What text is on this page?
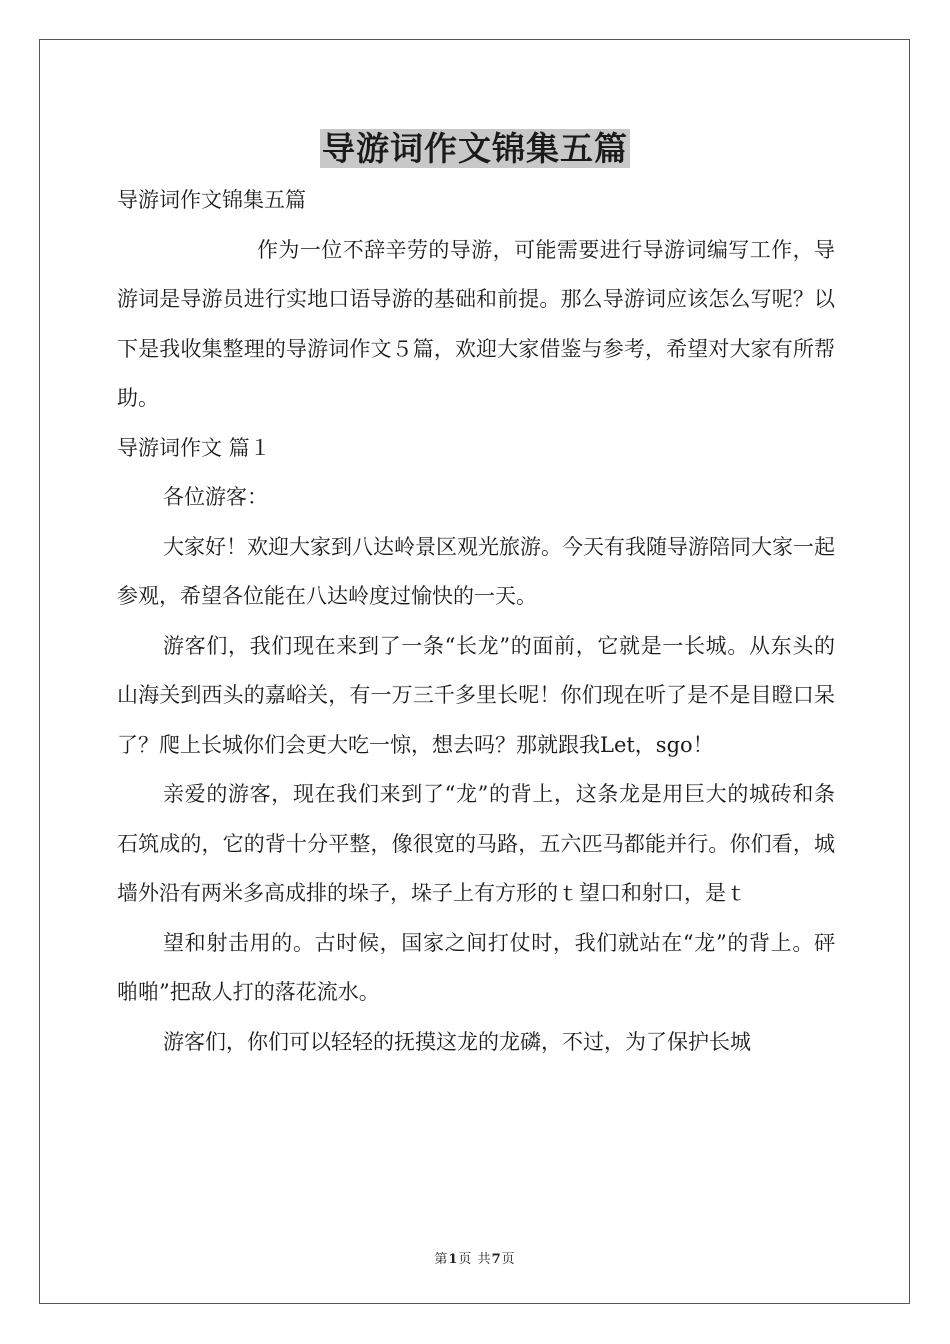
导游词作文锦集五篇

导游词作文锦集五篇

作为一位不辞辛劳的导游，可能需要进行导游词编写工作，导游词是导游员进行实地口语导游的基础和前提。那么导游词应该怎么写呢？以下是我收集整理的导游词作文５篇，欢迎大家借鉴与参考，希望对大家有所帮助。

导游词作文 篇１

各位游客：

大家好！欢迎大家到八达岭景区观光旅游。今天有我随导游陪同大家一起参观，希望各位能在八达岭度过愉快的一天。

游客们，我们现在来到了一条“长龙”的面前，它就是一长城。从东头的山海关到西头的嘉峪关，有一万三千多里长呢！你们现在听了是不是目瞪口呆了？爬上长城你们会更大吃一惊，想去吗？那就跟我Let，sgo！

亲爱的游客，现在我们来到了“龙”的背上，这条龙是用巨大的城砖和条石筑成的，它的背十分平整，像很宽的马路，五六匹马都能并行。你们看，城墙外沿有两米多高成排的垛子，垛子上有方形的ｔ望口和射口，是ｔ

望和射击用的。古时候，国家之间打仗时，我们就站在“龙”的背上。砰啪啪”把敌人打的落花流水。

游客们，你们可以轻轻的抚摸这龙的龙磷，不过，为了保护长城

第1页 共7页
